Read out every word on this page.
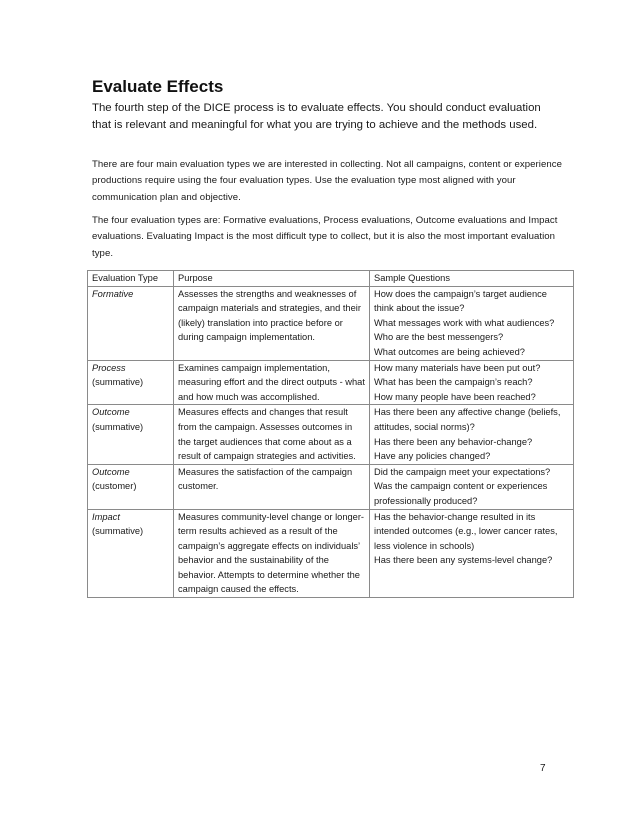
Evaluate Effects

The fourth step of the DICE process is to evaluate effects. You should conduct evaluation that is relevant and meaningful for what you are trying to achieve and the methods used.

There are four main evaluation types we are interested in collecting. Not all campaigns, content or experience productions require using the four evaluation types. Use the evaluation type most aligned with your communication plan and objective.

The four evaluation types are: Formative evaluations, Process evaluations, Outcome evaluations and Impact evaluations. Evaluating Impact is the most difficult type to collect, but it is also the most important evaluation type.

Evaluation Type	Purpose	Sample Questions

Formative	Assesses the strengths and weaknesses of campaign materials and strategies, and their (likely) translation into practice before or during campaign implementation.	How does the campaign’s target audience think about the issue?
What messages work with what audiences?
Who are the best messengers?
What outcomes are being achieved?

Process
(summative)	Examines campaign implementation, measuring effort and the direct outputs - what and how much was accomplished.	How many materials have been put out?
What has been the campaign’s reach?
How many people have been reached?

Outcome
(summative)	Measures effects and changes that result from the campaign. Assesses outcomes in the target audiences that come about as a result of campaign strategies and activities.	Has there been any affective change (beliefs, attitudes, social norms)?
Has there been any behavior-change?
Have any policies changed?

Outcome
(customer)	Measures the satisfaction of the campaign customer.	Did the campaign meet your expectations?
Was the campaign content or experiences professionally produced?

Impact
(summative)	Measures community-level change or longer-term results achieved as a result of the campaign’s aggregate effects on individuals’ behavior and the sustainability of the behavior. Attempts to determine whether the campaign caused the effects.	Has the behavior-change resulted in its intended outcomes (e.g., lower cancer rates, less violence in schools)
Has there been any systems-level change?
7
